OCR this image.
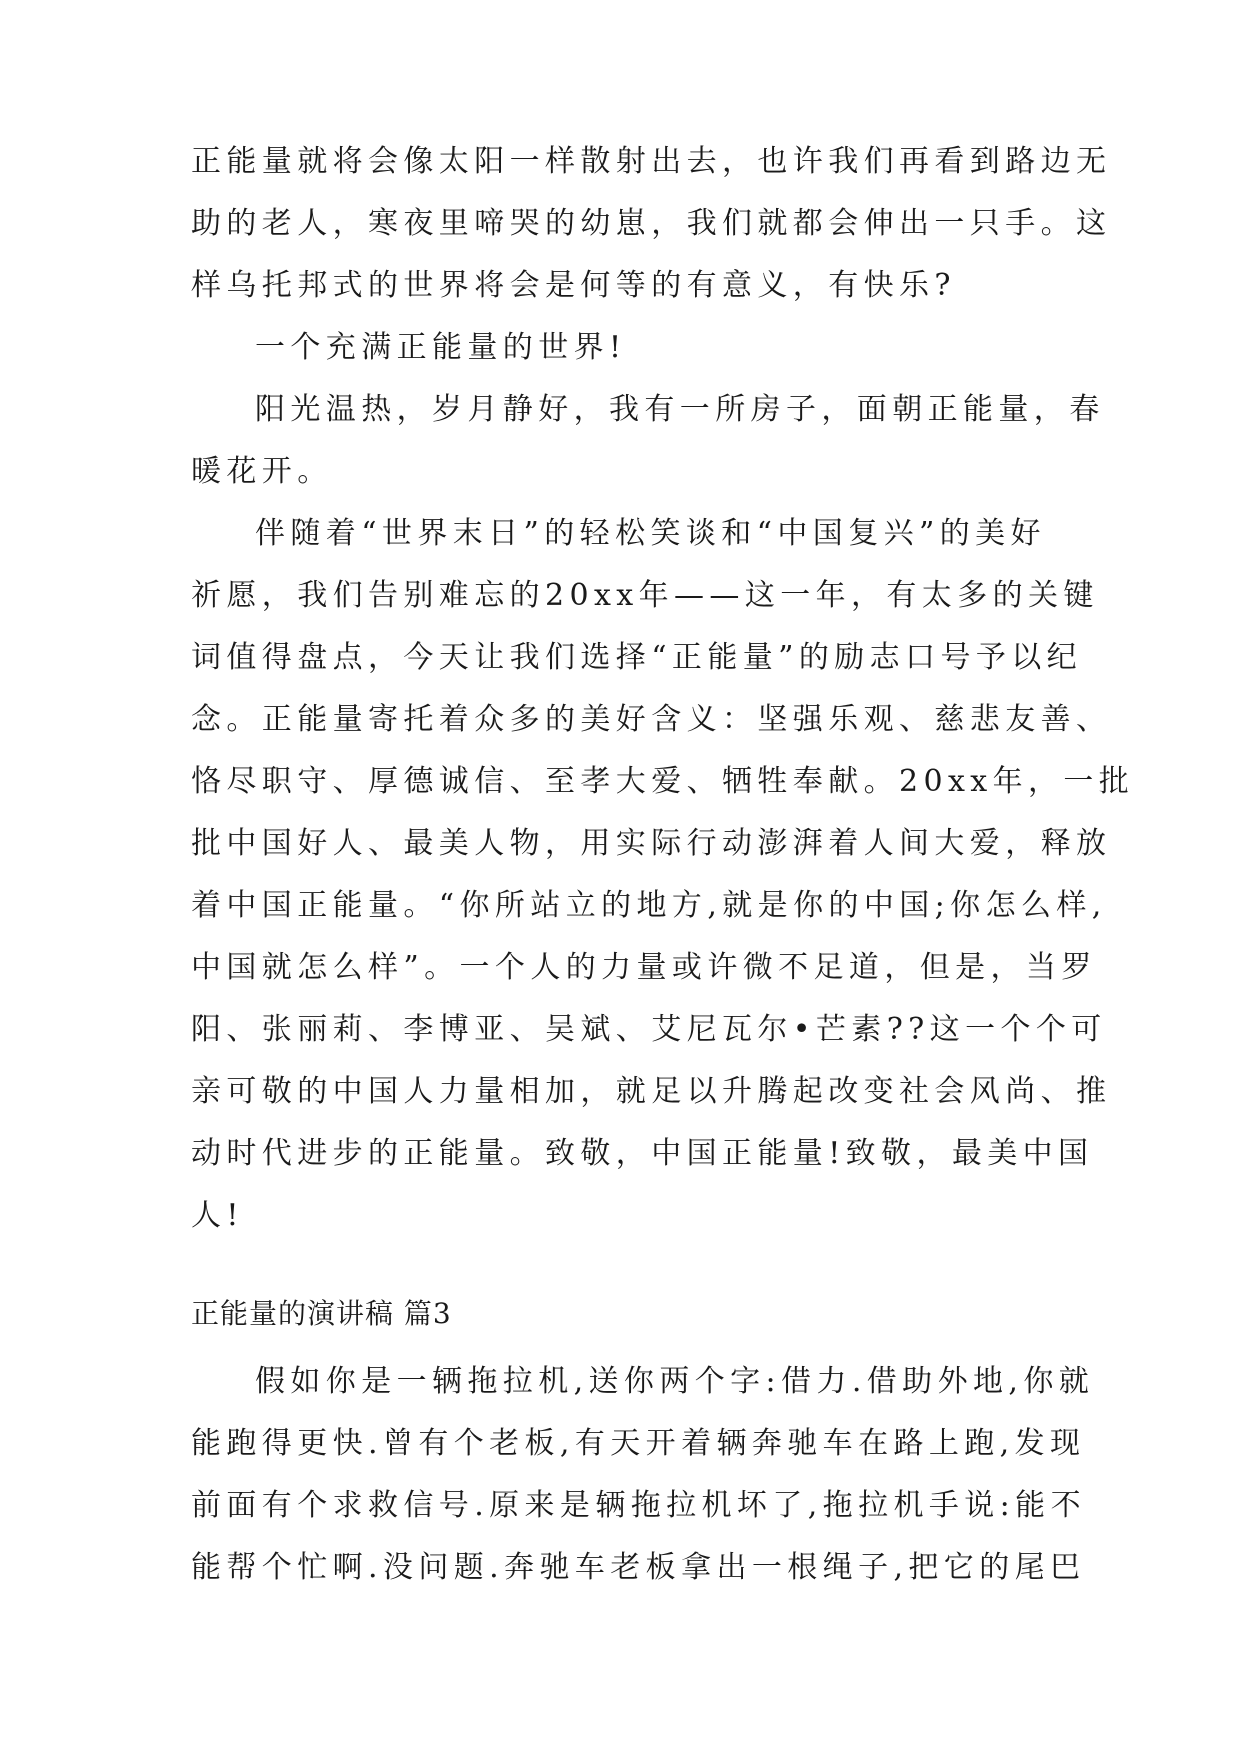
正能量就将会像太阳一样散射出去，也许我们再看到路边无
助的老人，寒夜里啼哭的幼崽，我们就都会伸出一只手。这
样乌托邦式的世界将会是何等的有意义，有快乐?
一个充满正能量的世界!
阳光温热，岁月静好，我有一所房子，面朝正能量，春
暖花开。
伴随着“世界末日”的轻松笑谈和“中国复兴”的美好
祈愿，我们告别难忘的20xx年——这一年，有太多的关键
词值得盘点，今天让我们选择“正能量”的励志口号予以纪
念。正能量寄托着众多的美好含义：坚强乐观、慈悲友善、
恪尽职守、厚德诚信、至孝大爱、牺牲奉献。20xx年，一批
批中国好人、最美人物，用实际行动澎湃着人间大爱，释放
着中国正能量。“你所站立的地方,就是你的中国;你怎么样,
中国就怎么样”。一个人的力量或许微不足道，但是，当罗
阳、张丽莉、李博亚、吴斌、艾尼瓦尔•芒素??这一个个可
亲可敬的中国人力量相加，就足以升腾起改变社会风尚、推
动时代进步的正能量。致敬，中国正能量!致敬，最美中国
人!
正能量的演讲稿 篇3
假如你是一辆拖拉机,送你两个字:借力.借助外地,你就
能跑得更快.曾有个老板,有天开着辆奔驰车在路上跑,发现
前面有个求救信号.原来是辆拖拉机坏了,拖拉机手说:能不
能帮个忙啊.没问题.奔驰车老板拿出一根绳子,把它的尾巴
